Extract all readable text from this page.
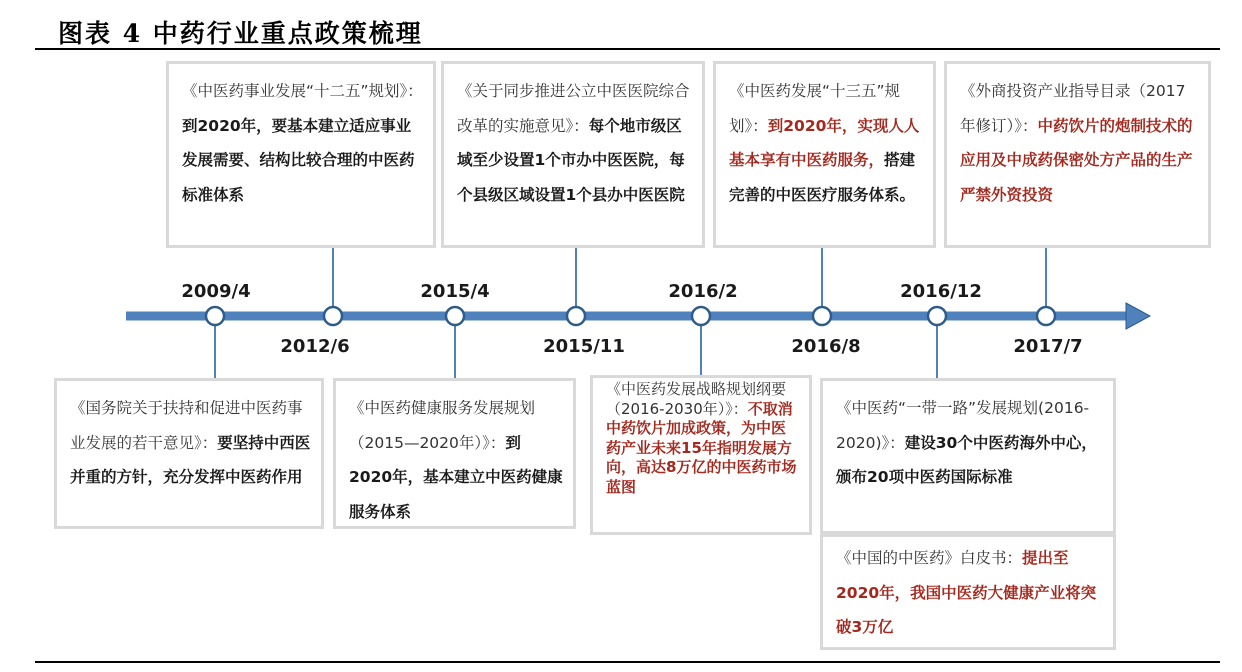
图表 4 中药行业重点政策梳理
2009/4	2015/4	2016/2	2016/12
2012/6	2015/11	2016/8	2017/7
《中医药事业发展“十二五”规划》：到2020年，要基本建立适应事业发展需要、结构比较合理的中医药标准体系
《关于同步推进公立中医医院综合改革的实施意见》：每个地市级区域至少设置1个市办中医医院，每个县级区域设置1个县办中医医院
《中医药发展“十三五”规划》：到2020年，实现人人基本享有中医药服务，搭建完善的中医医疗服务体系。
《外商投资产业指导目录（2017年修订）》：中药饮片的炮制技术的应用及中成药保密处方产品的生产严禁外资投资
《国务院关于扶持和促进中医药事业发展的若干意见》：要坚持中西医并重的方针，充分发挥中医药作用
《中医药健康服务发展规划（2015—2020年）》：到2020年，基本建立中医药健康服务体系
《中医药发展战略规划纲要（2016-2030年）》：不取消中药饮片加成政策，为中医药产业未来15年指明发展方向，高达8万亿的中医药市场蓝图
《中医药“一带一路”发展规划(2016-2020)》：建设30个中医药海外中心，颁布20项中医药国际标准
《中国的中医药》白皮书：提出至2020年，我国中医药大健康产业将突破3万亿
